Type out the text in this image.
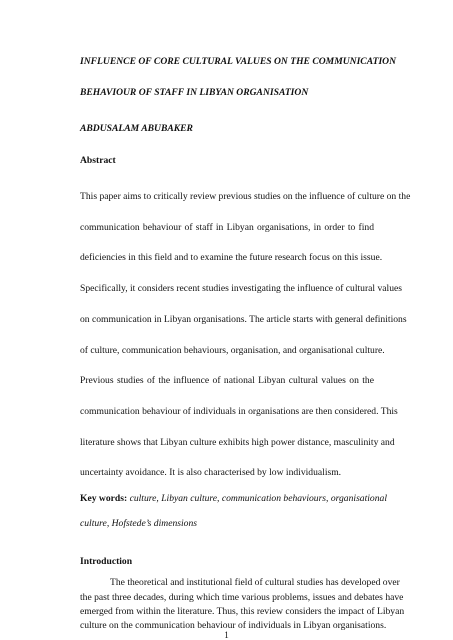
INFLUENCE OF CORE CULTURAL VALUES ON THE COMMUNICATION
BEHAVIOUR OF STAFF IN LIBYAN ORGANISATION
ABDUSALAM ABUBAKER
Abstract
This paper aims to critically review previous studies on the influence of culture on the
communication behaviour of staff in Libyan organisations, in order to find
deficiencies in this field and to examine the future research focus on this issue.
Specifically, it considers recent studies investigating the influence of cultural values
on communication in Libyan organisations. The article starts with general definitions
of culture, communication behaviours, organisation, and organisational culture.
Previous studies of the influence of national Libyan cultural values on the
communication behaviour of individuals in organisations are then considered. This
literature shows that Libyan culture exhibits high power distance, masculinity and
uncertainty avoidance. It is also characterised by low individualism.
Key words: culture, Libyan culture, communication behaviours, organisational
culture, Hofstede’s dimensions
Introduction
The theoretical and institutional field of cultural studies has developed over
the past three decades, during which time various problems, issues and debates have
emerged from within the literature. Thus, this review considers the impact of Libyan
culture on the communication behaviour of individuals in Libyan organisations.
1
